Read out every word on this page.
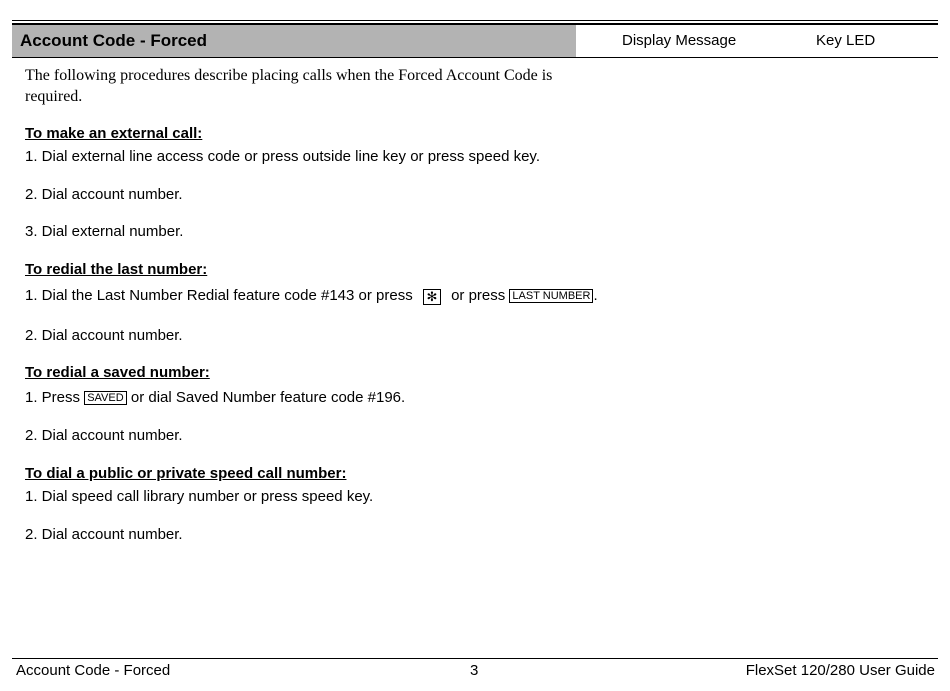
Account Code - Forced	Display Message	Key LED
The following procedures describe placing calls when the Forced Account Code is required.
To make an external call:
1. Dial external line access code or press outside line key or press speed key.
2. Dial account number.
3. Dial external number.
To redial the last number:
1. Dial the Last Number Redial feature code #143 or press ✻ or press LAST NUMBER .
2. Dial account number.
To redial a saved number:
1. Press SAVED or dial Saved Number feature code #196.
2. Dial account number.
To dial a public or private speed call number:
1. Dial speed call library number or press speed key.
2. Dial account number.
Account Code - Forced	3	FlexSet 120/280 User Guide
